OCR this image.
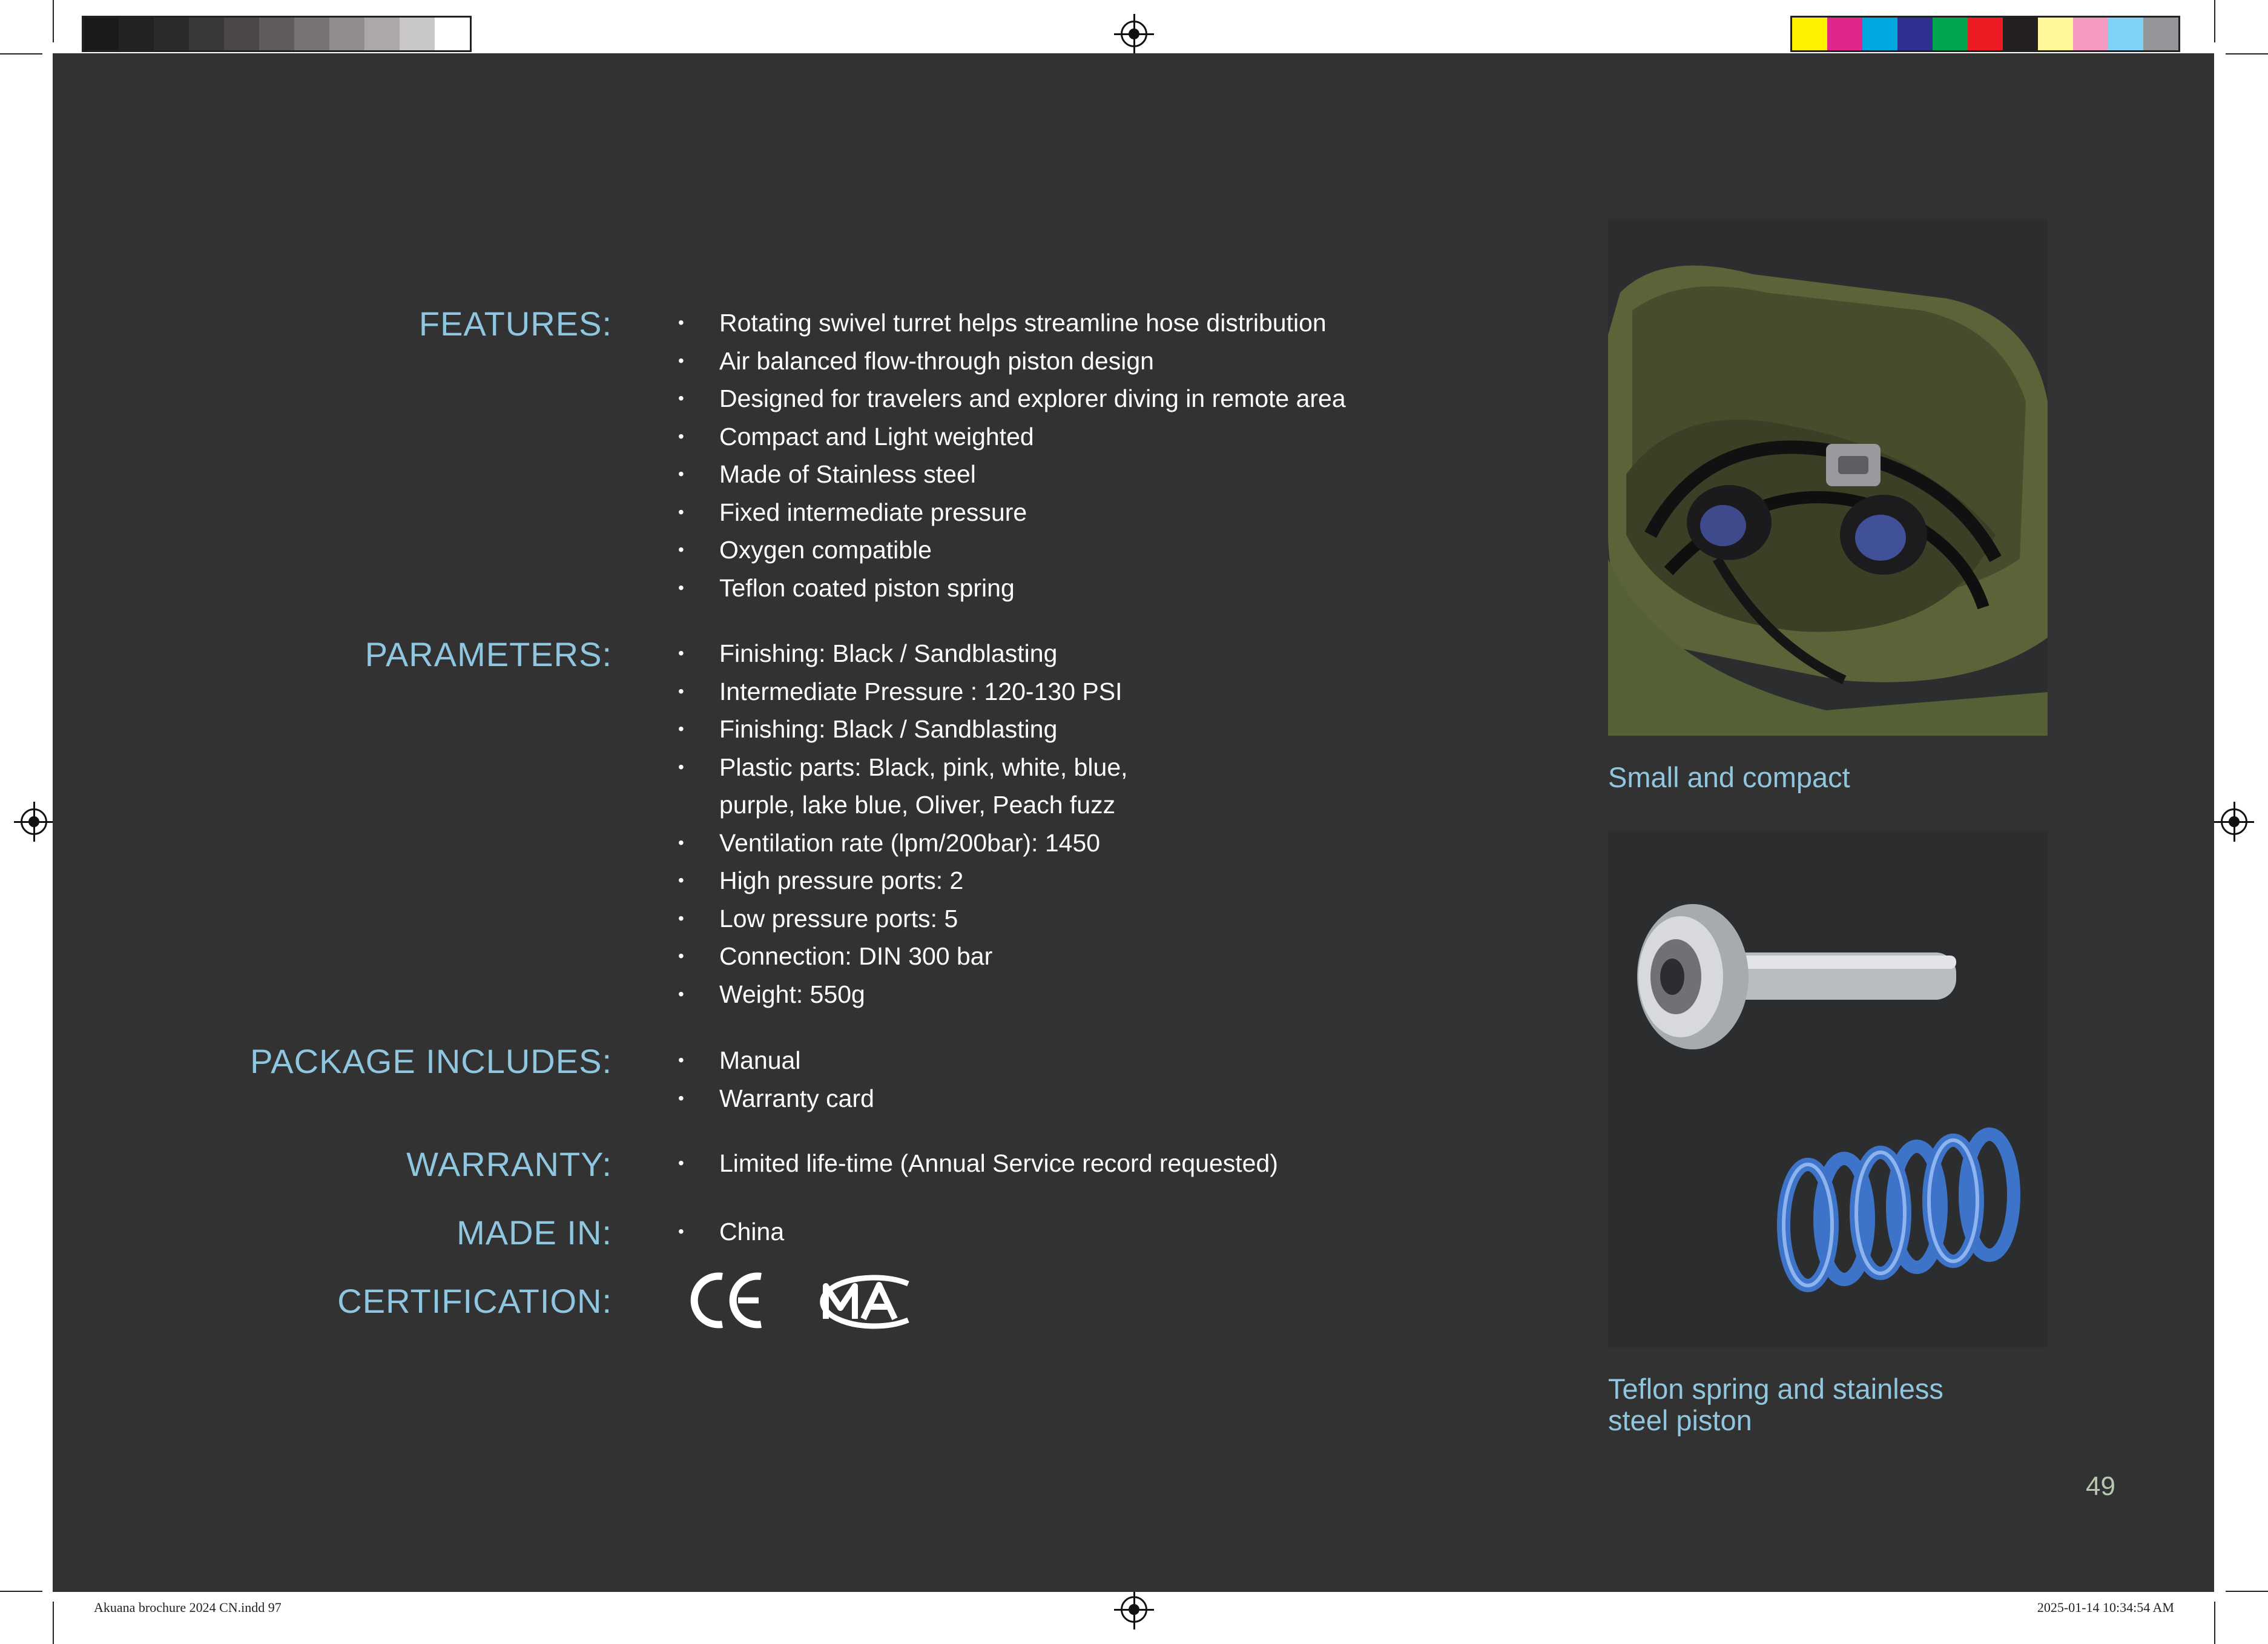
FEATURES:	• Rotating swivel turret helps streamline hose distribution
• Air balanced flow-through piston design
• Designed for travelers and explorer diving in remote area
• Compact and Light weighted
• Made of Stainless steel
• Fixed intermediate pressure
• Oxygen compatible
• Teflon coated piston spring
PARAMETERS:	• Finishing: Black / Sandblasting
• Intermediate Pressure : 120-130 PSI
• Finishing: Black / Sandblasting
• Plastic parts: Black, pink, white, blue,
purple, lake blue, Oliver, Peach fuzz
• Ventilation rate (lpm/200bar): 1450
• High pressure ports: 2
• Low pressure ports: 5
• Connection: DIN 300 bar
• Weight: 550g
PACKAGE INCLUDES:	• Manual
• Warranty card
WARRANTY:	• Limited life-time (Annual Service record requested)
MADE IN:	• China
CERTIFICATION:
Small and compact
Teflon spring and stainless
steel piston
49
Akuana brochure 2024 CN.indd 97	2025-01-14 10:34:54 AM
